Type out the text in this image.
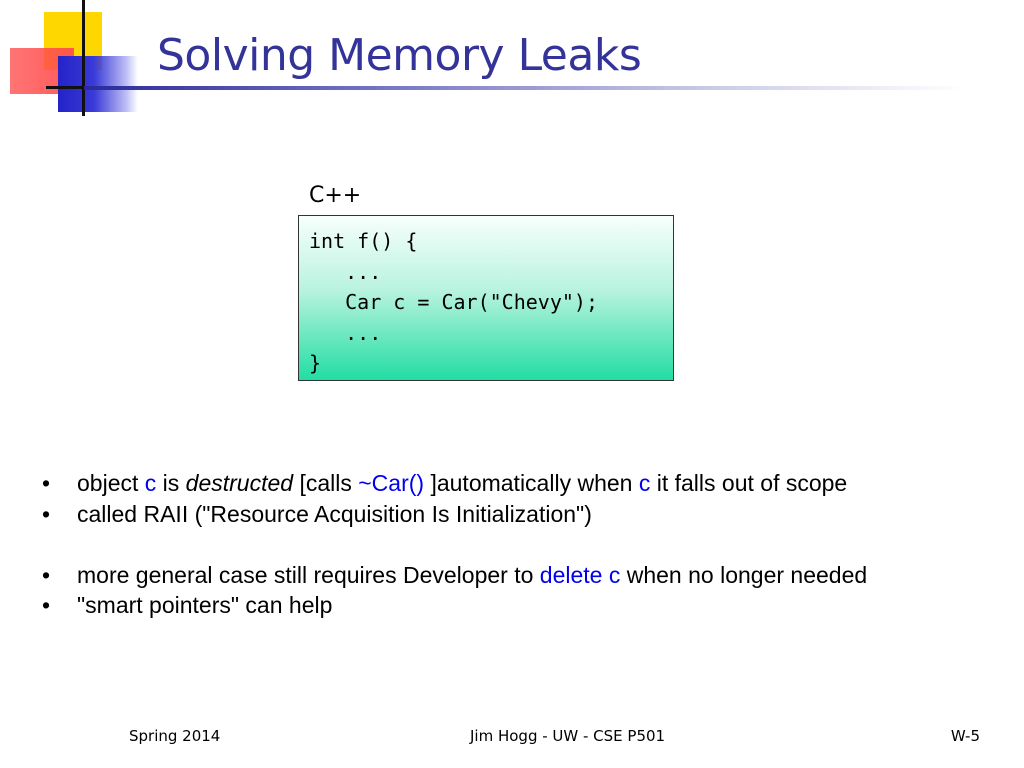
Solving Memory Leaks
C++
int f() {
...
Car c = Car("Chevy");
...
}
• object c is destructed [calls ~Car() ]automatically when c it falls out of scope
• called RAII ("Resource Acquisition Is Initialization")
• more general case still requires Developer to delete c when no longer needed
• "smart pointers" can help
Spring 2014	Jim Hogg - UW - CSE P501	W-5
